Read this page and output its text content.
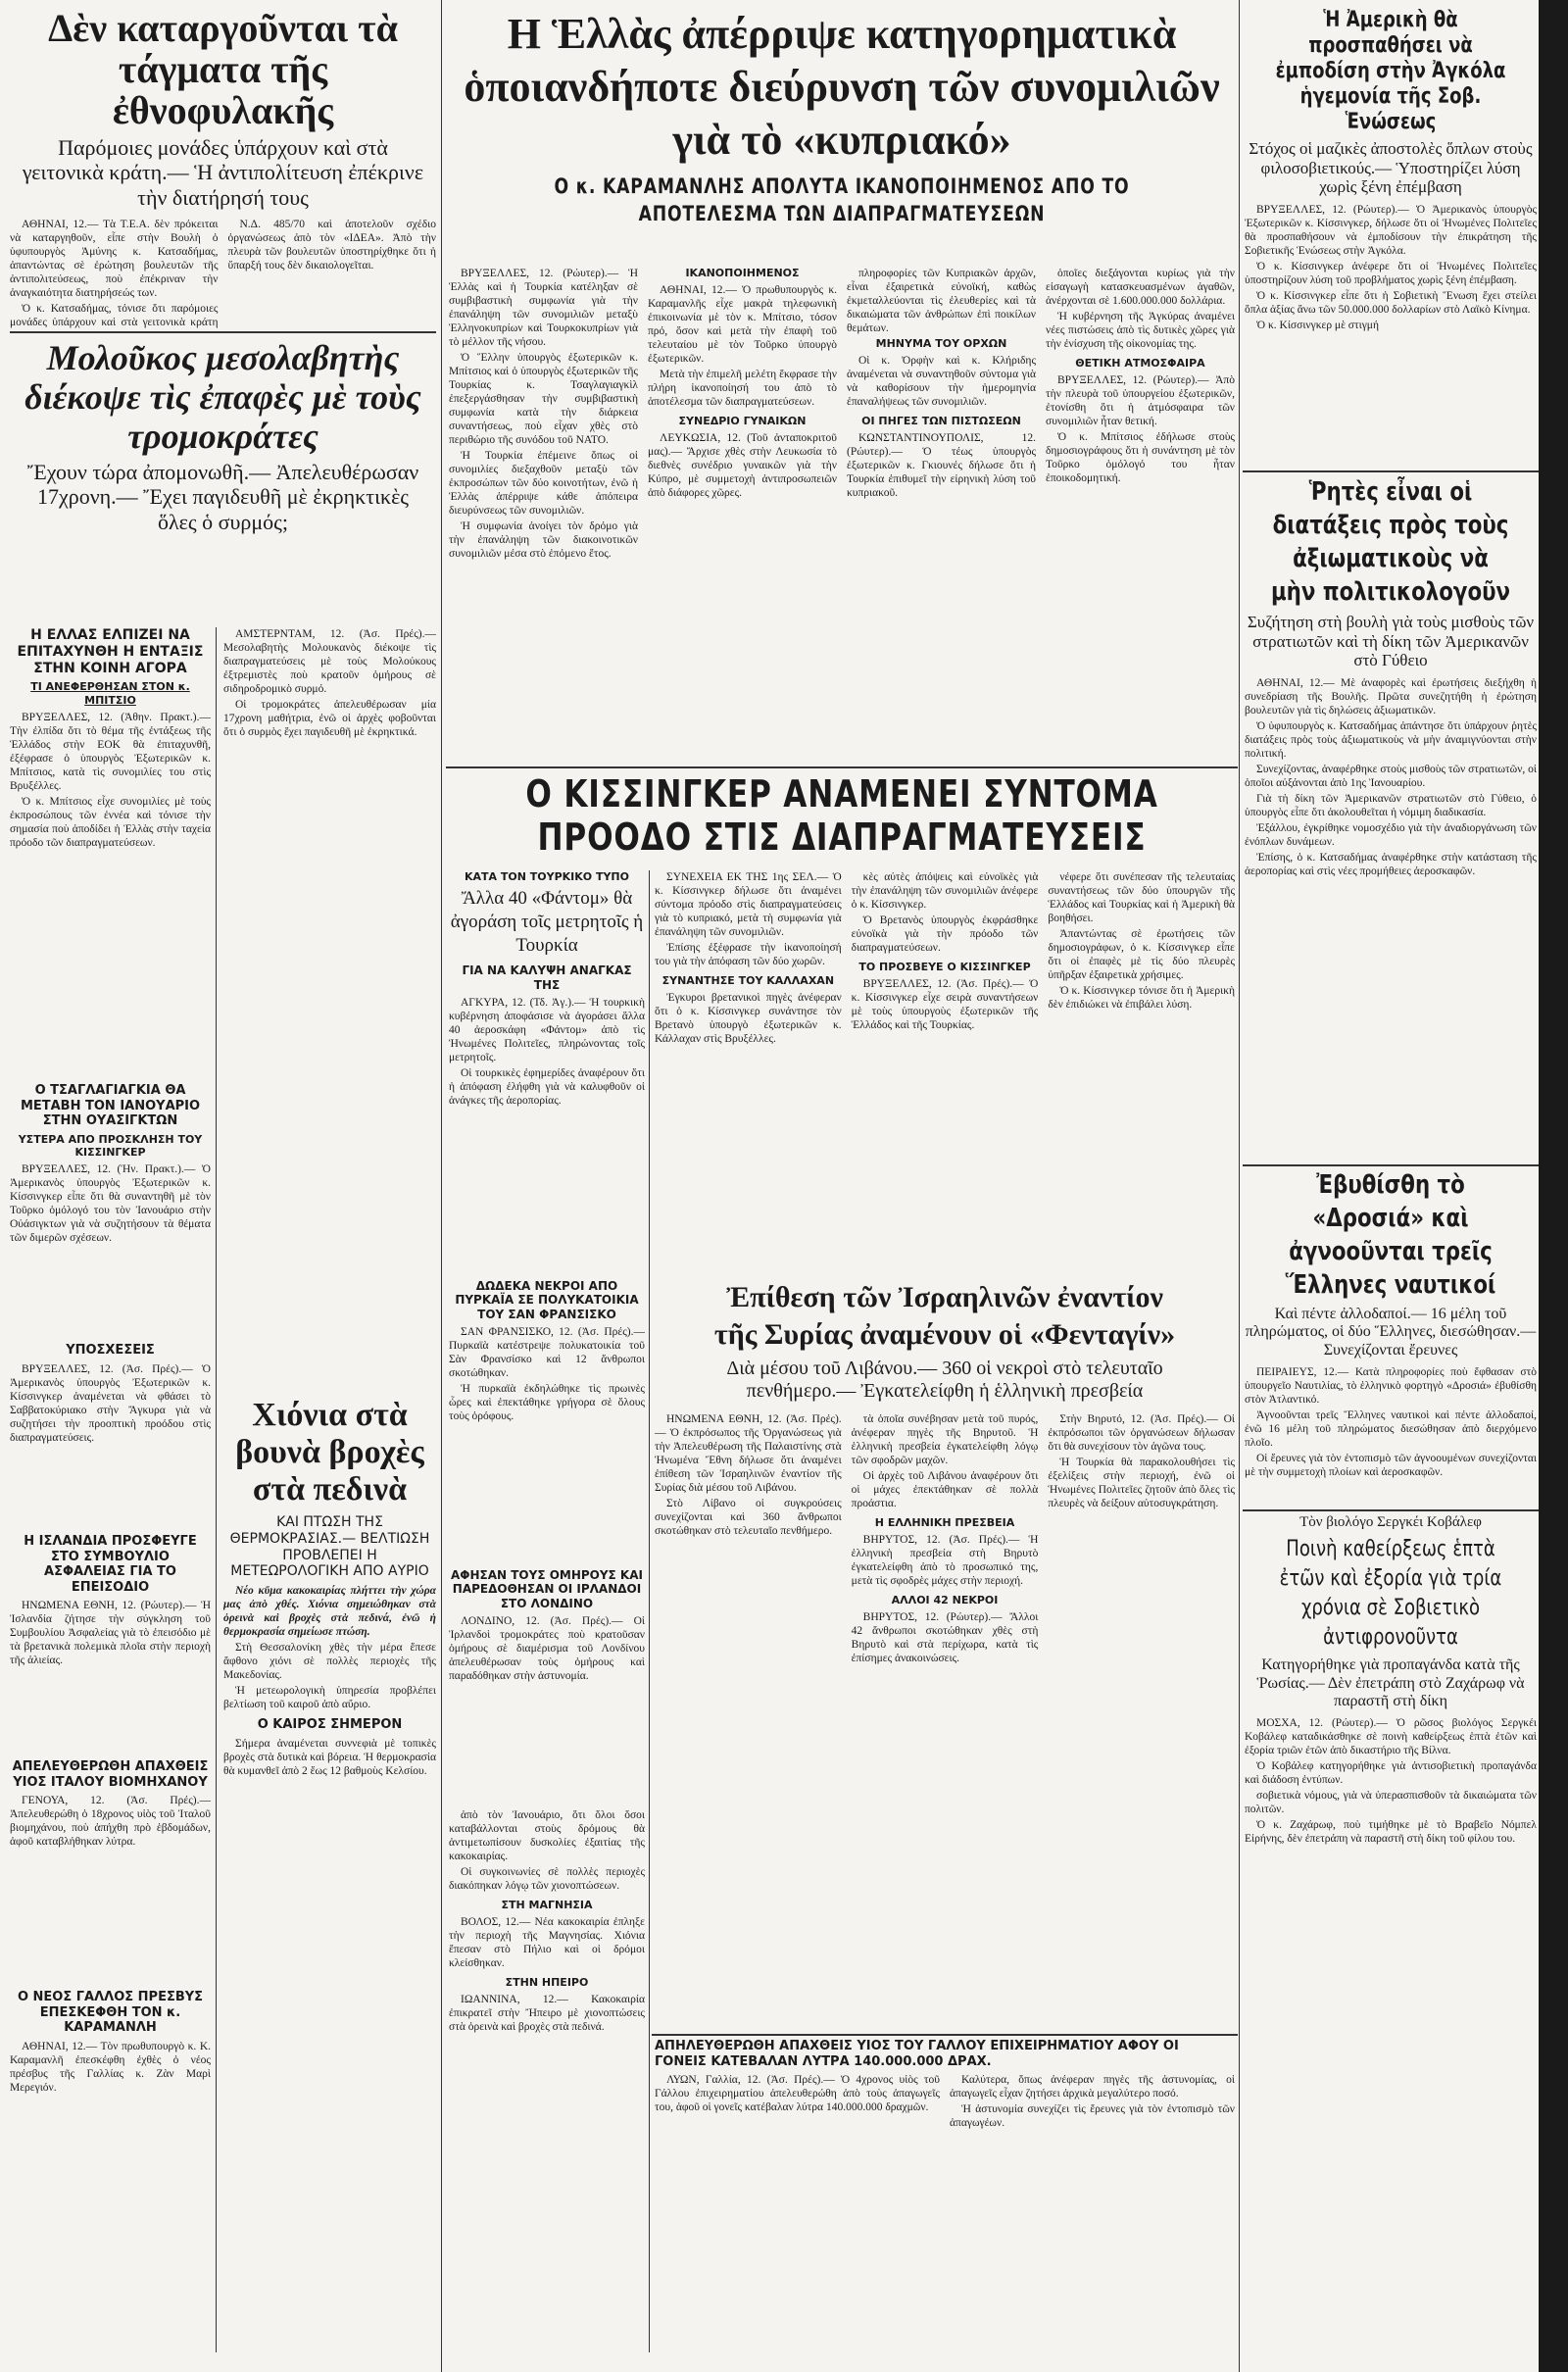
Δὲν καταργοῦνται τὰ τάγματα τῆς ἐθνοφυλακῆς
Παρόμοιες μονάδες ὑπάρχουν καὶ στὰ γειτονικὰ κράτη.— Ἡ ἀντιπολίτευση ἐπέκρινε τὴν διατήρησή τους

ΑΘΗΝΑΙ, 12.— Τὰ Τ.Ε.Α. δὲν πρόκειται νὰ καταργηθοῦν, εἶπε στὴν Βουλὴ ὁ ὑφυπουργὸς Ἀμύνης κ. Κατσαδήμας, ἀπαντώντας σὲ ἐρώτηση βουλευτῶν τῆς ἀντιπολιτεύσεως, ποὺ ἐπέκριναν τὴν ἀναγκαιότητα διατηρήσεώς των.

Ὁ κ. Κατσαδήμας, τόνισε ὅτι παρόμοιες μονάδες ὑπάρχουν καὶ στὰ γειτονικὰ κράτη

Ν.Δ. 485/70 καὶ ἀποτελοῦν σχέδιο ὀργανώσεως ἀπὸ τὸν «ΙΔΕΑ». Ἀπὸ τὴν πλευρὰ τῶν βουλευτῶν ὑποστηρίχθηκε ὅτι ἡ ὕπαρξή τους δὲν δικαιολογεῖται.

Μολοῦκος μεσολαβητὴς διέκοψε τὶς ἐπαφὲς μὲ τοὺς τρομοκράτες
Ἔχουν τώρα ἀπομονωθῆ.— Ἀπελευθέρωσαν 17χρονη.— Ἔχει παγιδευθῆ μὲ ἐκρηκτικὲς ὅλες ὁ συρμός;
Η ΕΛΛΑΣ ΕΛΠΙΖΕΙ ΝΑ ΕΠΙΤΑΧΥΝΘΗ Η ΕΝΤΑΞΙΣ ΣΤΗΝ ΚΟΙΝΗ ΑΓΟΡΑ
ΤΙ ΑΝΕΦΕΡΘΗΣΑΝ ΣΤΟΝ κ. ΜΠΙΤΣΙΟ

ΒΡΥΞΕΛΛΕΣ, 12. (Ἀθην. Πρακτ.).— Τὴν ἐλπίδα ὅτι τὸ θέμα τῆς ἐντάξεως τῆς Ἑλλάδος στὴν ΕΟΚ θὰ ἐπιταχυνθῆ, ἐξέφρασε ὁ ὑπουργὸς Ἐξωτερικῶν κ. Μπίτσιος, κατὰ τὶς συνομιλίες του στὶς Βρυξέλλες.

Ὁ κ. Μπίτσιος εἶχε συνομιλίες μὲ τοὺς ἐκπροσώπους τῶν ἐννέα καὶ τόνισε τὴν σημασία ποὺ ἀποδίδει ἡ Ἑλλὰς στὴν ταχεία πρόοδο τῶν διαπραγματεύσεων.

ΑΜΣΤΕΡΝΤΑΜ, 12. (Ἀσ. Πρές).— Μεσολαβητὴς Μολουκανὸς διέκοψε τὶς διαπραγματεύσεις μὲ τοὺς Μολούκους ἐξτρεμιστὲς ποὺ κρατοῦν ὁμήρους σὲ σιδηροδρομικὸ συρμό.

Οἱ τρομοκράτες ἀπελευθέρωσαν μία 17χρονη μαθήτρια, ἐνῶ οἱ ἀρχὲς φοβοῦνται ὅτι ὁ συρμὸς ἔχει παγιδευθῆ μὲ ἐκρηκτικά.

Ο ΤΣΑΓΛΑΓΙΑΓΚΙΑ ΘΑ ΜΕΤΑΒΗ ΤΟΝ ΙΑΝΟΥΑΡΙΟ ΣΤΗΝ ΟΥΑΣΙΓΚΤΩΝ
ΥΣΤΕΡΑ ΑΠΟ ΠΡΟΣΚΛΗΣΗ ΤΟΥ ΚΙΣΣΙΝΓΚΕΡ

ΒΡΥΞΕΛΛΕΣ, 12. (Ἡν. Πρακτ.).— Ὁ Ἀμερικανὸς ὑπουργὸς Ἐξωτερικῶν κ. Κίσσινγκερ εἶπε ὅτι θὰ συναντηθῆ μὲ τὸν Τοῦρκο ὁμόλογό του τὸν Ἰανουάριο στὴν Οὐάσιγκτων γιὰ νὰ συζητήσουν τὰ θέματα τῶν διμερῶν σχέσεων.

ΥΠΟΣΧΕΣΕΙΣ

ΒΡΥΞΕΛΛΕΣ, 12. (Ἀσ. Πρές).— Ὁ Ἀμερικανὸς ὑπουργὸς Ἐξωτερικῶν κ. Κίσσινγκερ ἀναμένεται νὰ φθάσει τὸ Σαββατοκύριακο στὴν Ἄγκυρα γιὰ νὰ συζητήσει τὴν προοπτικὴ προόδου στὶς διαπραγματεύσεις.

Η ΙΣΛΑΝΔΙΑ ΠΡΟΣΦΕΥΓΕ ΣΤΟ ΣΥΜΒΟΥΛΙΟ ΑΣΦΑΛΕΙΑΣ ΓΙΑ ΤΟ ΕΠΕΙΣΟΔΙΟ

ΗΝΩΜΕΝΑ ΕΘΝΗ, 12. (Ρώυτερ).— Ἡ Ἰσλανδία ζήτησε τὴν σύγκληση τοῦ Συμβουλίου Ἀσφαλείας γιὰ τὸ ἐπεισόδιο μὲ τὰ βρετανικὰ πολεμικὰ πλοῖα στὴν περιοχὴ τῆς ἁλιείας.

ΑΠΕΛΕΥΘΕΡΩΘΗ ΑΠΑΧΘΕΙΣ ΥΙΟΣ ΙΤΑΛΟΥ ΒΙΟΜΗΧΑΝΟΥ

ΓΕΝΟΥΑ, 12. (Ἀσ. Πρές).— Ἀπελευθερώθη ὁ 18χρονος υἱὸς τοῦ Ἰταλοῦ βιομηχάνου, ποὺ ἀπήχθη πρὸ ἑβδομάδων, ἀφοῦ καταβλήθηκαν λύτρα.

Ο ΝΕΟΣ ΓΑΛΛΟΣ ΠΡΕΣΒΥΣ ΕΠΕΣΚΕΦΘΗ ΤΟΝ κ. ΚΑΡΑΜΑΝΛΗ

ΑΘΗΝΑΙ, 12.— Τὸν πρωθυπουργὸ κ. Κ. Καραμανλῆ ἐπεσκέφθη ἐχθὲς ὁ νέος πρέσβυς τῆς Γαλλίας κ. Ζὰν Μαρὶ Μερεγιόν.

Χιόνια στὰ βουνὰ βροχὲς στὰ πεδινὰ
ΚΑΙ ΠΤΩΣΗ ΤΗΣ ΘΕΡΜΟΚΡΑΣΙΑΣ.— ΒΕΛΤΙΩΣΗ ΠΡΟΒΛΕΠΕΙ Η ΜΕΤΕΩΡΟΛΟΓΙΚΗ ΑΠΟ ΑΥΡΙΟ

Νέο κῦμα κακοκαιρίας πλήττει τὴν χώρα μας ἀπὸ χθές. Χιόνια σημειώθηκαν στὰ ὀρεινὰ καὶ βροχὲς στὰ πεδινά, ἐνῶ ἡ θερμοκρασία σημείωσε πτώση.

Στὴ Θεσσαλονίκη χθὲς τὴν μέρα ἔπεσε ἄφθονο χιόνι σὲ πολλὲς περιοχὲς τῆς Μακεδονίας.

Ἡ μετεωρολογικὴ ὑπηρεσία προβλέπει βελτίωση τοῦ καιροῦ ἀπὸ αὔριο.

Ο ΚΑΙΡΟΣ ΣΗΜΕΡΟΝ

Σήμερα ἀναμένεται συννεφιὰ μὲ τοπικὲς βροχὲς στὰ δυτικὰ καὶ βόρεια. Ἡ θερμοκρασία θὰ κυμανθεῖ ἀπὸ 2 ἕως 12 βαθμοὺς Κελσίου.

Η Ἑλλὰς ἀπέρριψε κατηγορηματικὰ ὁποιανδήποτε διεύρυνση τῶν συνομιλιῶν γιὰ τὸ «κυπριακό»
Ο κ. ΚΑΡΑΜΑΝΛΗΣ ΑΠΟΛΥΤΑ ΙΚΑΝΟΠΟΙΗΜΕΝΟΣ ΑΠΟ ΤΟ ΑΠΟΤΕΛΕΣΜΑ ΤΩΝ ΔΙΑΠΡΑΓΜΑΤΕΥΣΕΩΝ

ΒΡΥΞΕΛΛΕΣ, 12. (Ρώυτερ).— Ἡ Ἑλλὰς καὶ ἡ Τουρκία κατέληξαν σὲ συμβιβαστικὴ συμφωνία γιὰ τὴν ἐπανάληψη τῶν συνομιλιῶν μεταξὺ Ἑλληνοκυπρίων καὶ Τουρκοκυπρίων γιὰ τὸ μέλλον τῆς νήσου.

Ὁ Ἕλλην ὑπουργὸς ἐξωτερικῶν κ. Μπίτσιος καὶ ὁ ὑπουργὸς ἐξωτερικῶν τῆς Τουρκίας κ. Τσαγλαγιαγκὶλ ἐπεξεργάσθησαν τὴν συμβιβαστικὴ συμφωνία κατὰ τὴν διάρκεια συναντήσεως, ποὺ εἶχαν χθὲς στὸ περιθώριο τῆς συνόδου τοῦ ΝΑΤΟ.

Ἡ Τουρκία ἐπέμεινε ὅπως οἱ συνομιλίες διεξαχθοῦν μεταξὺ τῶν ἐκπροσώπων τῶν δύο κοινοτήτων, ἐνῶ ἡ Ἑλλὰς ἀπέρριψε κάθε ἀπόπειρα διευρύνσεως τῶν συνομιλιῶν.

Ἡ συμφωνία ἀνοίγει τὸν δρόμο γιὰ τὴν ἐπανάληψη τῶν διακοινοτικῶν συνομιλιῶν μέσα στὸ ἐπόμενο ἔτος.

ΙΚΑΝΟΠΟΙΗΜΕΝΟΣ

ΑΘΗΝΑΙ, 12.— Ὁ πρωθυπουργὸς κ. Καραμανλῆς εἶχε μακρὰ τηλεφωνικὴ ἐπικοινωνία μὲ τὸν κ. Μπίτσιο, τόσον πρό, ὅσον καὶ μετὰ τὴν ἐπαφὴ τοῦ τελευταίου μὲ τὸν Τοῦρκο ὑπουργὸ ἐξωτερικῶν.

Μετὰ τὴν ἐπιμελῆ μελέτη ἔκφρασε τὴν πλήρη ἱκανοποίησή του ἀπὸ τὸ ἀποτέλεσμα τῶν διαπραγματεύσεων.

ΣΥΝΕΔΡΙΟ ΓΥΝΑΙΚΩΝ

ΛΕΥΚΩΣΙΑ, 12. (Τοῦ ἀνταποκριτοῦ μας).— Ἄρχισε χθὲς στὴν Λευκωσία τὸ διεθνὲς συνέδριο γυναικῶν γιὰ τὴν Κύπρο, μὲ συμμετοχὴ ἀντιπροσωπειῶν ἀπὸ διάφορες χῶρες.

πληροφορίες τῶν Κυπριακῶν ἀρχῶν, εἶναι ἐξαιρετικὰ εὐνοϊκή, καθὼς ἐκμεταλλεύονται τὶς ἐλευθερίες καὶ τὰ δικαιώματα τῶν ἀνθρώπων ἐπὶ ποικίλων θεμάτων.

ΜΗΝΥΜΑ ΤΟΥ ΟΡΧΩΝ

Οἱ κ. Ὀρφὴν καὶ κ. Κλήριδης ἀναμένεται νὰ συναντηθοῦν σύντομα γιὰ νὰ καθορίσουν τὴν ἡμερομηνία ἐπαναλήψεως τῶν συνομιλιῶν.

ΟΙ ΠΗΓΕΣ ΤΩΝ ΠΙΣΤΩΣΕΩΝ

ΚΩΝΣΤΑΝΤΙΝΟΥΠΟΛΙΣ, 12. (Ρώυτερ).— Ὁ τέως ὑπουργὸς ἐξωτερικῶν κ. Γκιουνές δήλωσε ὅτι ἡ Τουρκία ἐπιθυμεῖ τὴν εἰρηνικὴ λύση τοῦ κυπριακοῦ.

ὁποῖες διεξάγονται κυρίως γιὰ τὴν εἰσαγωγὴ κατασκευασμένων ἀγαθῶν, ἀνέρχονται σὲ 1.600.000.000 δολλάρια.

Ἡ κυβέρνηση τῆς Ἀγκύρας ἀναμένει νέες πιστώσεις ἀπὸ τὶς δυτικὲς χῶρες γιὰ τὴν ἐνίσχυση τῆς οἰκονομίας της.

ΘΕΤΙΚΗ ΑΤΜΟΣΦΑΙΡΑ

ΒΡΥΞΕΛΛΕΣ, 12. (Ρώυτερ).— Ἀπὸ τὴν πλευρὰ τοῦ ὑπουργείου ἐξωτερικῶν, ἐτονίσθη ὅτι ἡ ἀτμόσφαιρα τῶν συνομιλιῶν ἦταν θετική.

Ὁ κ. Μπίτσιος ἐδήλωσε στοὺς δημοσιογράφους ὅτι ἡ συνάντηση μὲ τὸν Τοῦρκο ὁμόλογό του ἦταν ἐποικοδομητική.

Ο ΚΙΣΣΙΝΓΚΕΡ ΑΝΑΜΕΝΕΙ ΣΥΝΤΟΜΑ ΠΡΟΟΔΟ ΣΤΙΣ ΔΙΑΠΡΑΓΜΑΤΕΥΣΕΙΣ
ΚΑΤΑ ΤΟΝ ΤΟΥΡΚΙΚΟ ΤΥΠΟ
Ἄλλα 40 «Φάντομ» θὰ ἀγοράση τοῖς μετρητοῖς ἡ Τουρκία
ΓΙΑ ΝΑ ΚΑΛΥΨΗ ΑΝΑΓΚΑΣ ΤΗΣ

ΑΓΚΥΡΑ, 12. (Τδ. Ἀγ.).— Ἡ τουρκικὴ κυβέρνηση ἀποφάσισε νὰ ἀγοράσει ἄλλα 40 ἀεροσκάφη «Φάντομ» ἀπὸ τὶς Ἡνωμένες Πολιτεῖες, πληρώνοντας τοῖς μετρητοῖς.

Οἱ τουρκικὲς ἐφημερίδες ἀναφέρουν ὅτι ἡ ἀπόφαση ἐλήφθη γιὰ νὰ καλυφθοῦν οἱ ἀνάγκες τῆς ἀεροπορίας.

ΣΥΝΕΧΕΙΑ ΕΚ ΤΗΣ 1ης ΣΕΛ.— Ὁ κ. Κίσσινγκερ δήλωσε ὅτι ἀναμένει σύντομα πρόοδο στὶς διαπραγματεύσεις γιὰ τὸ κυπριακό, μετὰ τὴ συμφωνία γιὰ ἐπανάληψη τῶν συνομιλιῶν.

Ἐπίσης ἐξέφρασε τὴν ἱκανοποίησή του γιὰ τὴν ἀπόφαση τῶν δύο χωρῶν.

ΣΥΝΑΝΤΗΣΕ ΤΟΥ ΚΑΛΛΑΧΑΝ

Ἐγκυροι βρετανικοὶ πηγὲς ἀνέφεραν ὅτι ὁ κ. Κίσσινγκερ συνάντησε τὸν Βρετανὸ ὑπουργὸ ἐξωτερικῶν κ. Κάλλαχαν στὶς Βρυξέλλες.

κὲς αὐτὲς ἀπόψεις καὶ εὐνοϊκὲς γιὰ τὴν ἐπανάληψη τῶν συνομιλιῶν ἀνέφερε ὁ κ. Κίσσινγκερ.

Ὁ Βρετανὸς ὑπουργὸς ἐκφράσθηκε εὐνοϊκὰ γιὰ τὴν πρόοδο τῶν διαπραγματεύσεων.

ΤΟ ΠΡΟΣΒΕΥΕ Ο ΚΙΣΣΙΝΓΚΕΡ

ΒΡΥΞΕΛΛΕΣ, 12. (Ἀσ. Πρές).— Ὁ κ. Κίσσινγκερ εἶχε σειρὰ συναντήσεων μὲ τοὺς ὑπουργοὺς ἐξωτερικῶν τῆς Ἑλλάδος καὶ τῆς Τουρκίας.

νέφερε ὅτι συνέπεσαν τῆς τελευταίας συναντήσεως τῶν δύο ὑπουργῶν τῆς Ἑλλάδος καὶ Τουρκίας καὶ ἡ Ἀμερικὴ θὰ βοηθήσει.

Ἀπαντώντας σὲ ἐρωτήσεις τῶν δημοσιογράφων, ὁ κ. Κίσσινγκερ εἶπε ὅτι οἱ ἐπαφὲς μὲ τὶς δύο πλευρὲς ὑπῆρξαν ἐξαιρετικὰ χρήσιμες.

Ὁ κ. Κίσσινγκερ τόνισε ὅτι ἡ Ἀμερικὴ δὲν ἐπιδιώκει νὰ ἐπιβάλει λύση.

ΔΩΔΕΚΑ ΝΕΚΡΟΙ ΑΠΟ ΠΥΡΚΑΪΑ ΣΕ ΠΟΛΥΚΑΤΟΙΚΙΑ ΤΟΥ ΣΑΝ ΦΡΑΝΣΙΣΚΟ

ΣΑΝ ΦΡΑΝΣΙΣΚΟ, 12. (Ἀσ. Πρές).— Πυρκαϊὰ κατέστρεψε πολυκατοικία τοῦ Σὰν Φρανσίσκο καὶ 12 ἄνθρωποι σκοτώθηκαν.

Ἡ πυρκαϊὰ ἐκδηλώθηκε τὶς πρωινὲς ὧρες καὶ ἐπεκτάθηκε γρήγορα σὲ ὅλους τοὺς ὀρόφους.

ΑΦΗΣΑΝ ΤΟΥΣ ΟΜΗΡΟΥΣ ΚΑΙ ΠΑΡΕΔΟΘΗΣΑΝ ΟΙ ΙΡΛΑΝΔΟΙ ΣΤΟ ΛΟΝΔΙΝΟ

ΛΟΝΔΙΝΟ, 12. (Ἀσ. Πρές).— Οἱ Ἰρλανδοὶ τρομοκράτες ποὺ κρατοῦσαν ὁμήρους σὲ διαμέρισμα τοῦ Λονδίνου ἀπελευθέρωσαν τοὺς ὁμήρους καὶ παραδόθηκαν στὴν ἀστυνομία.

ἀπὸ τὸν Ἰανουάριο, ὅτι ὅλοι ὅσοι καταβάλλονται στοὺς δρόμους θὰ ἀντιμετωπίσουν δυσκολίες ἐξαιτίας τῆς κακοκαιρίας.

Οἱ συγκοινωνίες σὲ πολλὲς περιοχὲς διακόπηκαν λόγῳ τῶν χιονοπτώσεων.

ΣΤΗ ΜΑΓΝΗΣΙΑ

ΒΟΛΟΣ, 12.— Νέα κακοκαιρία ἐπληξε τὴν περιοχὴ τῆς Μαγνησίας. Χιόνια ἔπεσαν στὸ Πήλιο καὶ οἱ δρόμοι κλείσθηκαν.

ΣΤΗΝ ΗΠΕΙΡΟ

ΙΩΑΝΝΙΝΑ, 12.— Κακοκαιρία ἐπικρατεῖ στὴν Ἤπειρο μὲ χιονοπτώσεις στὰ ὀρεινὰ καὶ βροχὲς στὰ πεδινά.

Ἐπίθεση τῶν Ἰσραηλινῶν ἐναντίον τῆς Συρίας ἀναμένουν οἱ «Φενταγίν»
Διὰ μέσου τοῦ Λιβάνου.— 360 οἱ νεκροὶ στὸ τελευταῖο πενθήμερο.— Ἐγκατελείφθη ἡ ἑλληνικὴ πρεσβεία

ΗΝΩΜΕΝΑ ΕΘΝΗ, 12. (Ἀσ. Πρές).— Ὁ ἐκπρόσωπος τῆς Ὀργανώσεως γιὰ τὴν Ἀπελευθέρωση τῆς Παλαιστίνης στὰ Ἡνωμένα Ἔθνη δήλωσε ὅτι ἀναμένει ἐπίθεση τῶν Ἰσραηλινῶν ἐναντίον τῆς Συρίας διὰ μέσου τοῦ Λιβάνου.

Στὸ Λίβανο οἱ συγκρούσεις συνεχίζονται καὶ 360 ἄνθρωποι σκοτώθηκαν στὸ τελευταῖο πενθήμερο.

τὰ ὁποῖα συνέβησαν μετὰ τοῦ πυρός, ἀνέφεραν πηγὲς τῆς Βηρυτοῦ. Ἡ ἑλληνικὴ πρεσβεία ἐγκατελείφθη λόγῳ τῶν σφοδρῶν μαχῶν.

Οἱ ἀρχὲς τοῦ Λιβάνου ἀναφέρουν ὅτι οἱ μάχες ἐπεκτάθηκαν σὲ πολλὰ προάστια.

Η ΕΛΛΗΝΙΚΗ ΠΡΕΣΒΕΙΑ

ΒΗΡΥΤΟΣ, 12. (Ἀσ. Πρές).— Ἡ ἑλληνικὴ πρεσβεία στὴ Βηρυτὸ ἐγκατελείφθη ἀπὸ τὸ προσωπικό της, μετὰ τὶς σφοδρὲς μάχες στὴν περιοχή.

ΑΛΛΟΙ 42 ΝΕΚΡΟΙ

ΒΗΡΥΤΟΣ, 12. (Ρώυτερ).— Ἄλλοι 42 ἄνθρωποι σκοτώθηκαν χθὲς στὴ Βηρυτὸ καὶ στὰ περίχωρα, κατὰ τὶς ἐπίσημες ἀνακοινώσεις.

Στὴν Βηρυτό, 12. (Ἀσ. Πρές).— Οἱ ἐκπρόσωποι τῶν ὀργανώσεων δήλωσαν ὅτι θὰ συνεχίσουν τὸν ἀγῶνα τους.

Ἡ Τουρκία θὰ παρακολουθήσει τὶς ἐξελίξεις στὴν περιοχή, ἐνῶ οἱ Ἡνωμένες Πολιτεῖες ζητοῦν ἀπὸ ὅλες τὶς πλευρὲς νὰ δείξουν αὐτοσυγκράτηση.

ΑΠΗΛΕΥΘΕΡΩΘΗ ΑΠΑΧΘΕΙΣ ΥΙΟΣ ΤΟΥ ΓΑΛΛΟΥ ΕΠΙΧΕΙΡΗΜΑΤΙΟΥ ΑΦΟΥ ΟΙ ΓΟΝΕΙΣ ΚΑΤΕΒΑΛΑΝ ΛΥΤΡΑ 140.000.000 ΔΡΑΧ.

ΛΥΩΝ, Γαλλία, 12. (Ἀσ. Πρές).— Ὁ 4χρονος υἱὸς τοῦ Γάλλου ἐπιχειρηματίου ἀπελευθερώθη ἀπὸ τοὺς ἀπαγωγεῖς του, ἀφοῦ οἱ γονεῖς κατέβαλαν λύτρα 140.000.000 δραχμῶν.

Καλύτερα, ὅπως ἀνέφεραν πηγὲς τῆς ἀστυνομίας, οἱ ἀπαγωγεῖς εἶχαν ζητήσει ἀρχικὰ μεγαλύτερο ποσό.

Ἡ ἀστυνομία συνεχίζει τὶς ἔρευνες γιὰ τὸν ἐντοπισμὸ τῶν ἀπαγωγέων.

Ἡ Ἀμερικὴ θὰ προσπαθήσει νὰ ἐμποδίση στὴν Ἀγκόλα ἡγεμονία τῆς Σοβ. Ἑνώσεως
Στόχος οἱ μαζικὲς ἀποστολὲς ὅπλων στοὺς φιλοσοβιετικούς.— Ὑποστηρίζει λύση χωρὶς ξένη ἐπέμβαση

ΒΡΥΞΕΛΛΕΣ, 12. (Ρώυτερ).— Ὁ Ἀμερικανὸς ὑπουργὸς Ἐξωτερικῶν κ. Κίσσινγκερ, δήλωσε ὅτι οἱ Ἡνωμένες Πολιτεῖες θὰ προσπαθήσουν νὰ ἐμποδίσουν τὴν ἐπικράτηση τῆς Σοβιετικῆς Ἑνώσεως στὴν Ἀγκόλα.

Ὁ κ. Κίσσινγκερ ἀνέφερε ὅτι οἱ Ἡνωμένες Πολιτεῖες ὑποστηρίζουν λύση τοῦ προβλήματος χωρὶς ξένη ἐπέμβαση.

Ὁ κ. Κίσσινγκερ εἶπε ὅτι ἡ Σοβιετικὴ Ἕνωση ἔχει στείλει ὅπλα ἀξίας ἄνω τῶν 50.000.000 δολλαρίων στὸ Λαϊκὸ Κίνημα.

Ὁ κ. Κίσσινγκερ μὲ στιγμή

Ῥητὲς εἶναι οἱ διατάξεις πρὸς τοὺς ἀξιωματικοὺς νὰ μὴν πολιτικολογοῦν
Συζήτηση στὴ βουλὴ γιὰ τοὺς μισθοὺς τῶν στρατιωτῶν καὶ τὴ δίκη τῶν Ἀμερικανῶν στὸ Γύθειο

ΑΘΗΝΑΙ, 12.— Μὲ ἀναφορὲς καὶ ἐρωτήσεις διεξήχθη ἡ συνεδρίαση τῆς Βουλῆς. Πρῶτα συνεζητήθη ἡ ἐρώτηση βουλευτῶν γιὰ τὶς δηλώσεις ἀξιωματικῶν.

Ὁ ὑφυπουργὸς κ. Κατσαδήμας ἀπάντησε ὅτι ὑπάρχουν ῥητὲς διατάξεις πρὸς τοὺς ἀξιωματικοὺς νὰ μὴν ἀναμιγνύονται στὴν πολιτική.

Συνεχίζοντας, ἀναφέρθηκε στοὺς μισθοὺς τῶν στρατιωτῶν, οἱ ὁποῖοι αὐξάνονται ἀπὸ 1ης Ἰανουαρίου.

Γιὰ τὴ δίκη τῶν Ἀμερικανῶν στρατιωτῶν στὸ Γύθειο, ὁ ὑπουργὸς εἶπε ὅτι ἀκολουθεῖται ἡ νόμιμη διαδικασία.

Ἐξάλλου, ἐγκρίθηκε νομοσχέδιο γιὰ τὴν ἀναδιοργάνωση τῶν ἐνόπλων δυνάμεων.

Ἐπίσης, ὁ κ. Κατσαδήμας ἀναφέρθηκε στὴν κατάσταση τῆς ἀεροπορίας καὶ στὶς νέες προμήθειες ἀεροσκαφῶν.

Ἐβυθίσθη τὸ «Δροσιά» καὶ ἀγνοοῦνται τρεῖς Ἕλληνες ναυτικοί
Καὶ πέντε ἀλλοδαποί.— 16 μέλη τοῦ πληρώματος, οἱ δύο Ἕλληνες, διεσώθησαν.— Συνεχίζονται ἔρευνες

ΠΕΙΡΑΙΕΥΣ, 12.— Κατὰ πληροφορίες ποὺ ἔφθασαν στὸ ὑπουργεῖο Ναυτιλίας, τὸ ἑλληνικὸ φορτηγὸ «Δροσιά» ἐβυθίσθη στὸν Ἀτλαντικό.

Ἀγνοοῦνται τρεῖς Ἕλληνες ναυτικοὶ καὶ πέντε ἀλλοδαποί, ἐνῶ 16 μέλη τοῦ πληρώματος διεσώθησαν ἀπὸ διερχόμενο πλοῖο.

Οἱ ἔρευνες γιὰ τὸν ἐντοπισμὸ τῶν ἀγνοουμένων συνεχίζονται μὲ τὴν συμμετοχὴ πλοίων καὶ ἀεροσκαφῶν.

Τὸν βιολόγο Σεργκέι Κοβάλεφ
Ποινὴ καθείρξεως ἑπτὰ ἐτῶν καὶ ἐξορία γιὰ τρία χρόνια σὲ Σοβιετικὸ ἀντιφρονοῦντα
Κατηγορήθηκε γιὰ προπαγάνδα κατὰ τῆς Ῥωσίας.— Δὲν ἐπετράπη στὸ Ζαχάρωφ νὰ παραστῆ στὴ δίκη

ΜΟΣΧΑ, 12. (Ρώυτερ).— Ὁ ρῶσος βιολόγος Σεργκέι Κοβάλεφ καταδικάσθηκε σὲ ποινὴ καθείρξεως ἑπτὰ ἐτῶν καὶ ἐξορία τριῶν ἐτῶν ἀπὸ δικαστήριο τῆς Βίλνα.

Ὁ Κοβάλεφ κατηγορήθηκε γιὰ ἀντισοβιετικὴ προπαγάνδα καὶ διάδοση ἐντύπων.

σοβιετικὰ νόμους, γιὰ νὰ ὑπερασπισθοῦν τὰ δικαιώματα τῶν πολιτῶν.

Ὁ κ. Ζαχάρωφ, ποὺ τιμήθηκε μὲ τὸ Βραβεῖο Νόμπελ Εἰρήνης, δὲν ἐπετράπη νὰ παραστῆ στὴ δίκη τοῦ φίλου του.
